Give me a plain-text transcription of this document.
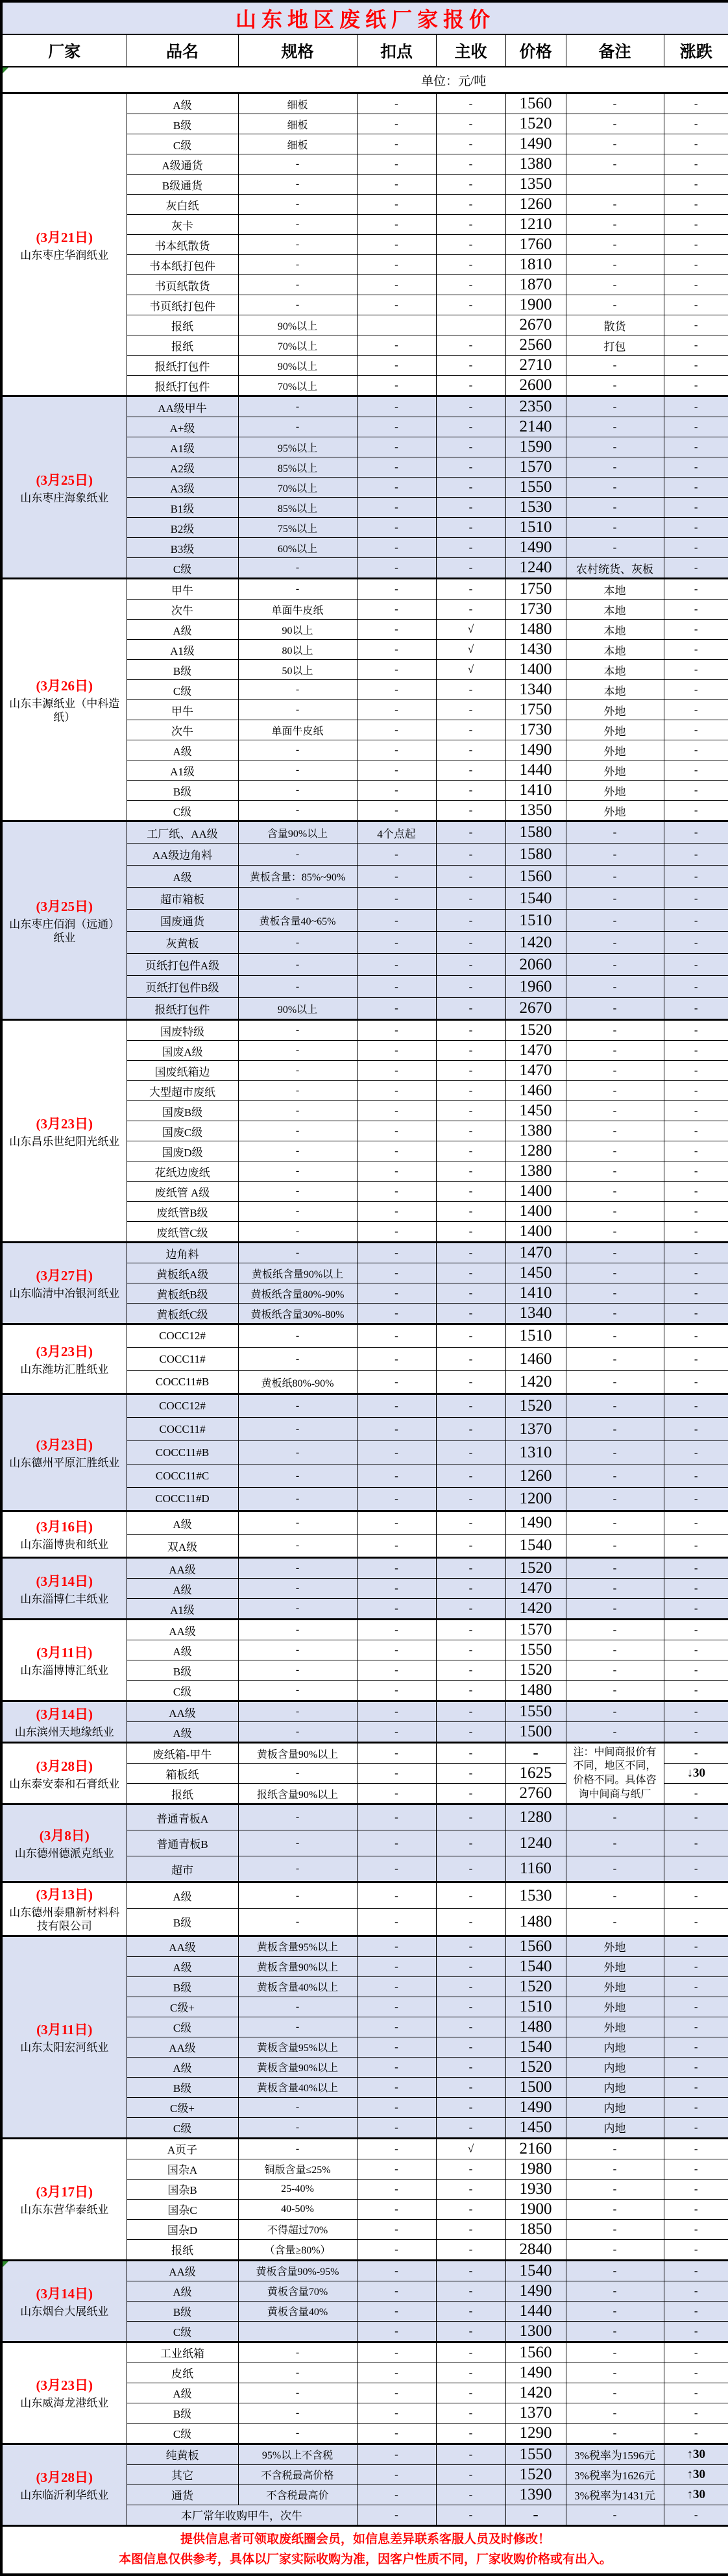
山东地区废纸厂家报价							
厂家	品名	规格	扣点	主收	价格	备注	涨跌
单位：元/吨							

(3月21日)
山东枣庄华润纸业	A级	细板	-	-	1560	-	-
	B级	细板	-	-	1520	-	-
	C级	细板	-	-	1490	-	-
	A级通货	-	-	-	1380	-	-
	B级通货	-	-	-	1350		-
	灰白纸	-	-	-	1260	-	-
	灰卡	-	-	-	1210	-	-
	书本纸散货	-	-	-	1760	-	-
	书本纸打包件	-	-	-	1810	-	-
	书页纸散货	-	-	-	1870	-	-
	书页纸打包件	-	-	-	1900	-	-
	报纸	90%以上			2670	散货	-
	报纸	70%以上	-	-	2560	打包	-
	报纸打包件	90%以上	-	-	2710	-	-
	报纸打包件	70%以上	-	-	2600	-	-

(3月25日)
山东枣庄海象纸业	AA级甲牛	-	-	-	2350	-	-
	A+级	-	-	-	2140	-	-
	A1级	95%以上	-	-	1590	-	-
	A2级	85%以上	-	-	1570	-	-
	A3级	70%以上	-	-	1550	-	-
	B1级	85%以上	-	-	1530	-	-
	B2级	75%以上	-	-	1510	-	-
	B3级	60%以上	-	-	1490	-	-
	C级	-	-	-	1240	农村统货、灰板	-

(3月26日)
山东丰源纸业（中科造纸）	甲牛	-	-	-	1750	本地	-
	次牛	单面牛皮纸	-	-	1730	本地	-
	A级	90以上	-	√	1480	本地	-
	A1级	80以上	-	√	1430	本地	-
	B级	50以上	-	√	1400	本地	-
	C级	-	-	-	1340	本地	-
	甲牛	-	-	-	1750	外地	-
	次牛	单面牛皮纸	-	-	1730	外地	-
	A级	-	-	-	1490	外地	-
	A1级	-	-	-	1440	外地	-
	B级	-	-	-	1410	外地	-
	C级	-	-	-	1350	外地	-

(3月25日)
山东枣庄佰润（远通）纸业	工厂纸、AA级	含量90%以上	4个点起	-	1580	-	-
	AA级边角料	-	-	-	1580	-	-
	A级	黄板含量：85%~90%	-	-	1560	-	-
	超市箱板	-	-	-	1540	-	-
	国废通货	黄板含量40~65%	-	-	1510	-	-
	灰黄板	-	-	-	1420	-	-
	页纸打包件A级	-	-	-	2060	-	-
	页纸打包件B级	-	-	-	1960	-	-
	报纸打包件	90%以上	-	-	2670	-	-

(3月23日)
山东昌乐世纪阳光纸业	国废特级	-	-	-	1520	-	-
	国废A级	-	-	-	1470	-	-
	国废纸箱边	-	-	-	1470	-	-
	大型超市废纸	-	-	-	1460	-	-
	国废B级	-	-	-	1450	-	-
	国废C级	-	-	-	1380	-	-
	国废D级	-	-	-	1280	-	-
	花纸边废纸	-	-	-	1380	-	-
	废纸管 A级	-	-	-	1400	-	-
	废纸管B级	-	-	-	1400	-	-
	废纸管C级	-	-	-	1400	-	-

(3月27日)
山东临清中冶银河纸业	边角料	-	-	-	1470	-	-
	黄板纸A级	黄板纸含量90%以上	-	-	1450	-	-
	黄板纸B级	黄板纸含量80%-90%	-	-	1410	-	-
	黄板纸C级	黄板纸含量30%-80%	-	-	1340	-	-

(3月23日)
山东潍坊汇胜纸业	COCC12#	-	-	-	1510	-	-
	COCC11#	-	-	-	1460	-	-
	COCC11#B	黄板纸80%-90%	-	-	1420	-	-

(3月23日)
山东德州平原汇胜纸业	COCC12#	-	-	-	1520	-	-
	COCC11#	-	-	-	1370	-	-
	COCC11#B	-	-	-	1310	-	-
	COCC11#C	-	-	-	1260	-	-
	COCC11#D	-	-	-	1200	-	-

(3月16日)
山东淄博贵和纸业	A级	-	-	-	1490	-	-
	双A级	-	-	-	1540	-	-

(3月14日)
山东淄博仁丰纸业	AA级	-	-	-	1520	-	-
	A级	-	-	-	1470	-	-
	A1级	-	-	-	1420	-	-

(3月11日)
山东淄博博汇纸业	AA级	-	-	-	1570	-	-
	A级	-	-	-	1550	-	-
	B级	-	-	-	1520	-	-
	C级	-	-	-	1480	-	-

(3月14日)
山东滨州天地缘纸业	AA级	-	-	-	1550	-	-
	A级	-	-	-	1500	-	-

(3月28日)
山东泰安泰和石膏纸业	废纸箱-甲牛	黄板含量90%以上	-	-	-	注：中间商报价有不同，地区不同，价格不同。具体咨询中间商与纸厂	-
	箱板纸	-	-	-	1625		↓30
	报纸	报纸含量90%以上	-	-	2760		-

(3月8日)
山东德州德派克纸业	普通青板A	-	-	-	1280	-	-
	普通青板B	-	-	-	1240	-	-
	超市	-	-	-	1160	-	-

(3月13日)
山东德州泰鼎新材料科技有限公司	A级	-	-	-	1530	-	-
	B级	-	-	-	1480	-	-

(3月11日)
山东太阳宏河纸业	AA级	黄板含量95%以上	-	-	1560	外地	-
	A级	黄板含量90%以上	-	-	1540	外地	-
	B级	黄板含量40%以上	-	-	1520	外地	-
	C级+	-	-	-	1510	外地	-
	C级	-	-	-	1480	外地	-
	AA级	黄板含量95%以上	-	-	1540	内地	-
	A级	黄板含量90%以上	-	-	1520	内地	-
	B级	黄板含量40%以上	-	-	1500	内地	-
	C级+	-	-	-	1490	内地	-
	C级	-	-	-	1450	内地	-

(3月17日)
山东东营华泰纸业	A页子	-	-	√	2160	-	-
	国杂A	铜版含量≤25%	-	-	1980	-	-
	国杂B	25-40%	-	-	1930	-	-
	国杂C	40-50%	-	-	1900	-	-
	国杂D	不得超过70%	-	-	1850	-	-
	报纸	（含量≥80%）	-	-	2840	-	-

(3月14日)
山东烟台大展纸业	AA级	黄板含量90%-95%	-	-	1540	-	-
	A级	黄板含量70%	-	-	1490	-	-
	B级	黄板含量40%	-	-	1440	-	-
	C级		-	-	1300	-	-

(3月23日)
山东威海龙港纸业	工业纸箱	-	-	-	1560	-	-
	皮纸	-	-	-	1490	-	-
	A级	-	-	-	1420	-	-
	B级	-	-	-	1370	-	-
	C级	-	-	-	1290	-	-

(3月28日)
山东临沂利华纸业	纯黄板	95%以上不含税	-	-	1550	3%税率为1596元	↑30
	其它	不含税最高价格	-	-	1520	3%税率为1626元	↑30
	通货	不含税最高价	-	-	1390	3%税率为1431元	↑30
	本厂常年收购甲牛，次牛		-	-	-	-	-

提供信息者可领取废纸圈会员，如信息差异联系客服人员及时修改！
本图信息仅供参考，具体以厂家实际收购为准，因客户性质不同，厂家收购价格或有出入。							
